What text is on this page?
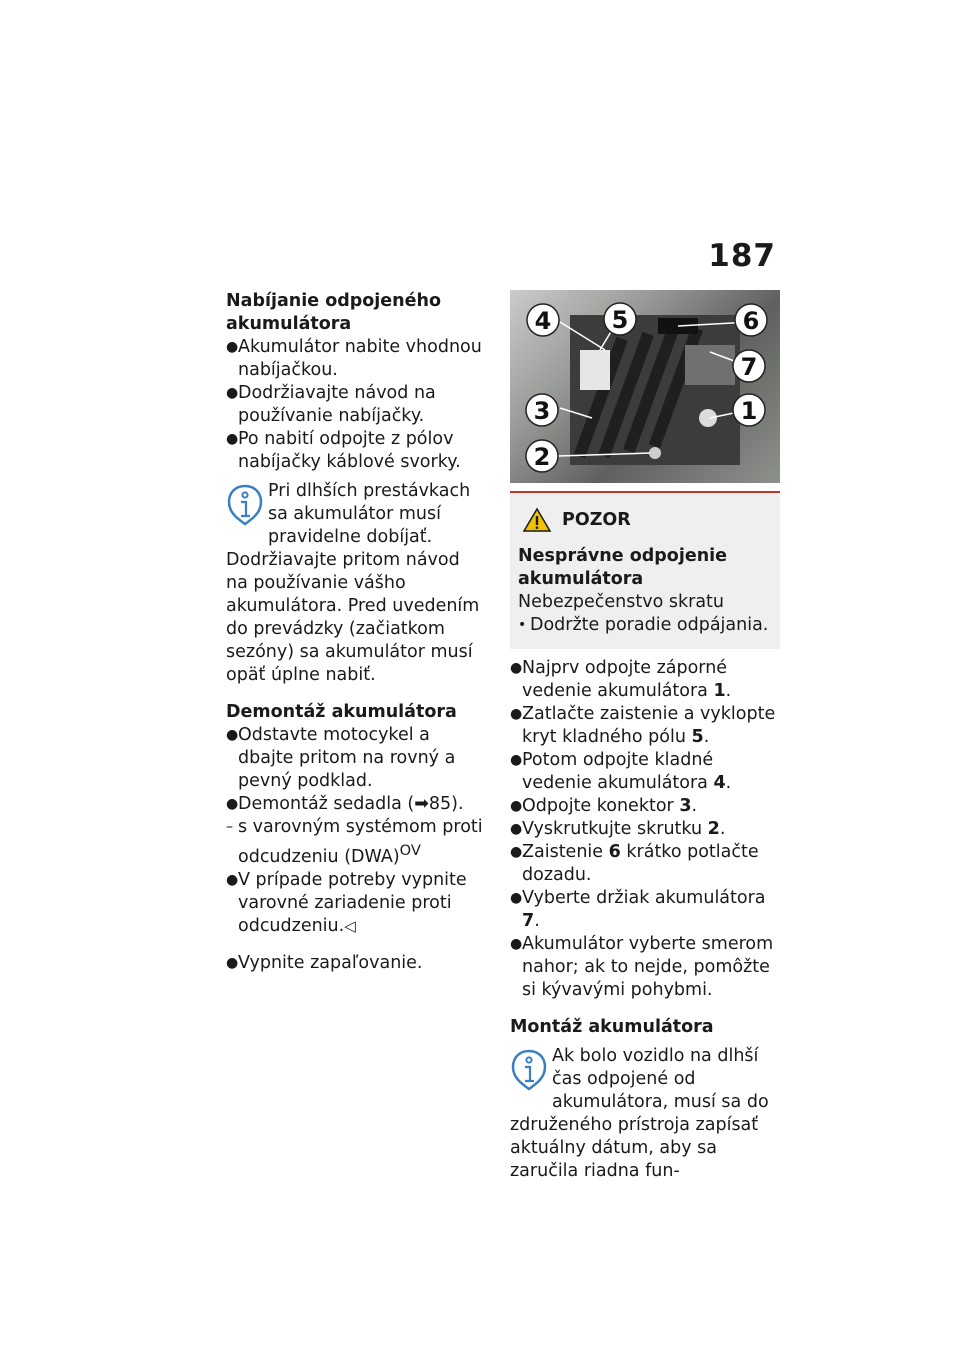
187

Nabíjanie odpojeného akumulátora

● Akumulátor nabite vhodnou nabíjačkou.
● Dodržiavajte návod na používanie nabíjačky.
● Po nabití odpojte z pólov nabíjačky káblové svorky.

Pri dlhších prestávkach sa akumulátor musí pravidelne dobíjať. Dodržiavajte pritom návod na používanie vášho akumulátora. Pred uvedením do prevádzky (začiatkom sezóny) sa akumulátor musí opäť úplne nabiť.

Demontáž akumulátora

● Odstavte motocykel a dbajte pritom na rovný a pevný podklad.
● Demontáž sedadla (➡85).
– s varovným systémom proti odcudzeniu (DWA)$^{OV}$
● V prípade potreby vypnite varovné zariadenie proti odcudzeniu.◁
● Vypnite zapaľovanie.
4	5	6
7
3	1
2
POZOR

Nesprávne odpojenie akumulátora

Nebezpečenstvo skratu
• Dodržte poradie odpájania.
● Najprv odpojte záporné vedenie akumulátora 1.
● Zatlačte zaistenie a vyklopte kryt kladného pólu 5.
● Potom odpojte kladné vedenie akumulátora 4.
● Odpojte konektor 3.
● Vyskrutkujte skrutku 2.
● Zaistenie 6 krátko potlačte dozadu.
● Vyberte držiak akumulátora 7.
● Akumulátor vyberte smerom nahor; ak to nejde, pomôžte si kývavými pohybmi.

Montáž akumulátora

Ak bolo vozidlo na dlhší čas odpojené od akumulátora, musí sa do združeného prístroja zapísať aktuálny dátum, aby sa zaručila riadna fun-
